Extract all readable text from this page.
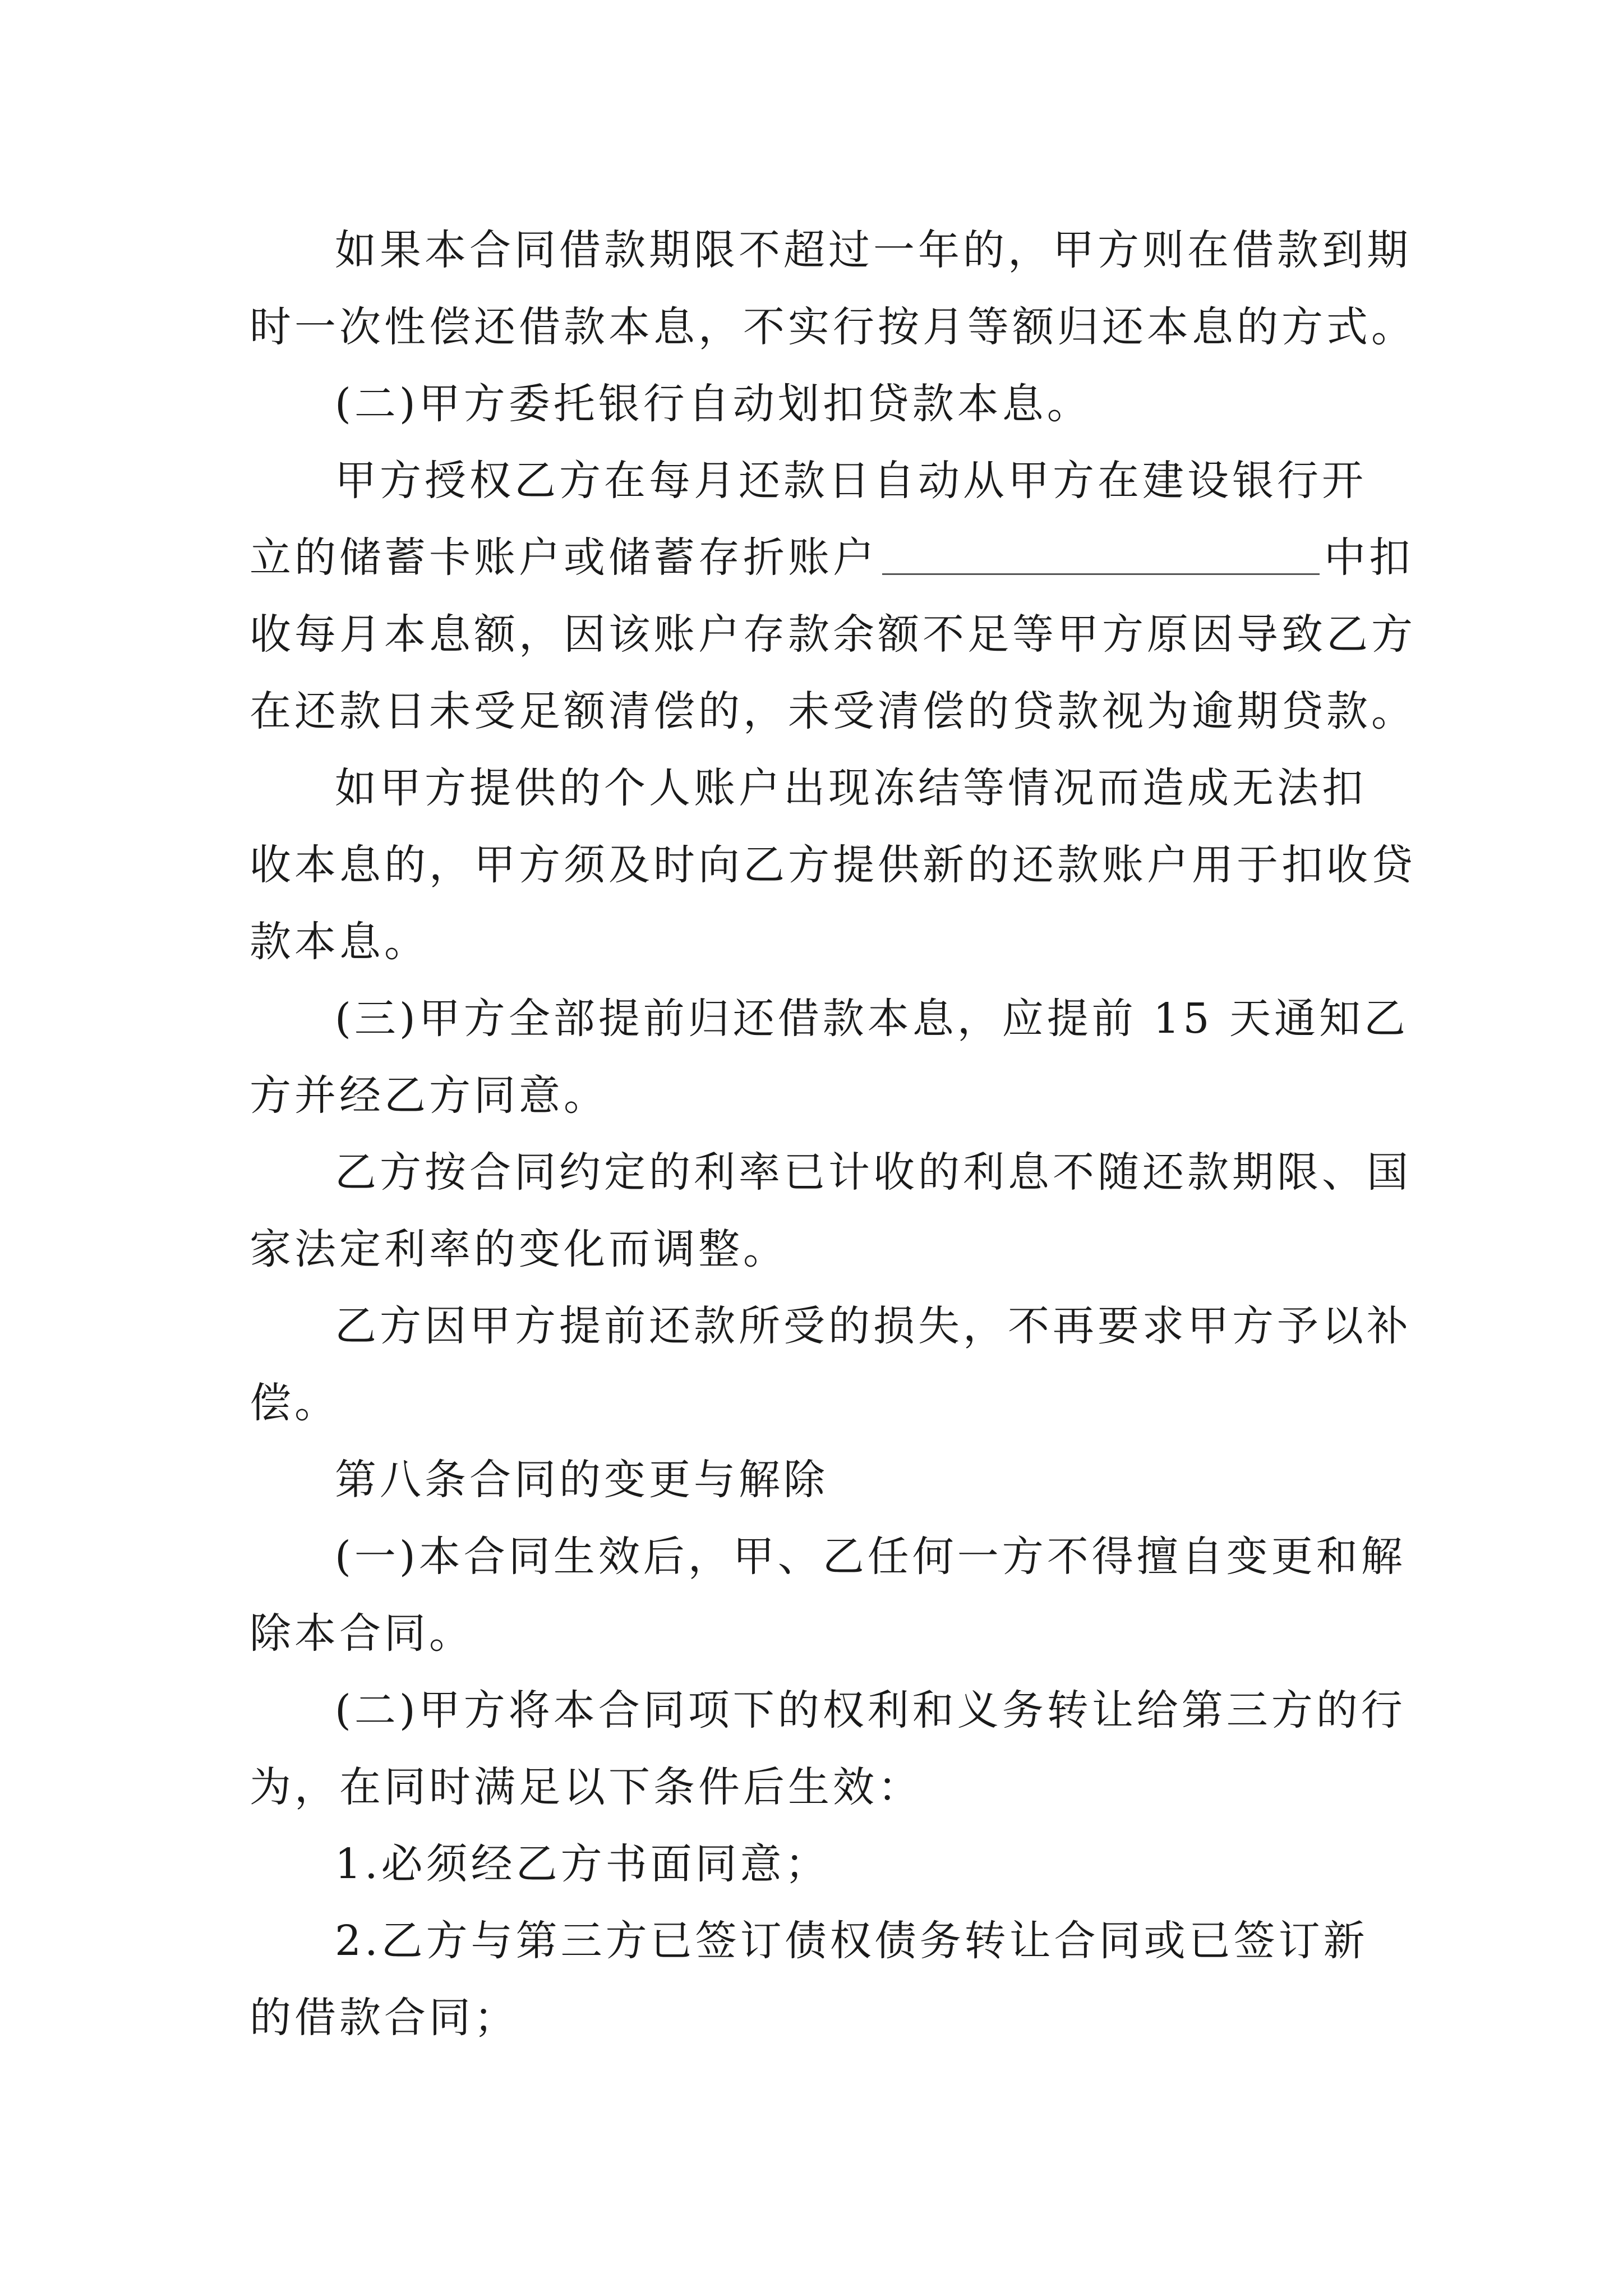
如果本合同借款期限不超过一年的，甲方则在借款到期
时一次性偿还借款本息，不实行按月等额归还本息的方式。
(二)甲方委托银行自动划扣贷款本息。
甲方授权乙方在每月还款日自动从甲方在建设银行开
立的储蓄卡账户或储蓄存折账户	中扣
收每月本息额，因该账户存款余额不足等甲方原因导致乙方
在还款日未受足额清偿的，未受清偿的贷款视为逾期贷款。
如甲方提供的个人账户出现冻结等情况而造成无法扣
收本息的，甲方须及时向乙方提供新的还款账户用于扣收贷
款本息。
(三)甲方全部提前归还借款本息，应提前 15 天通知乙
方并经乙方同意。
乙方按合同约定的利率已计收的利息不随还款期限、国
家法定利率的变化而调整。
乙方因甲方提前还款所受的损失，不再要求甲方予以补
偿。
第八条合同的变更与解除
(一)本合同生效后，甲、乙任何一方不得擅自变更和解
除本合同。
(二)甲方将本合同项下的权利和义务转让给第三方的行
为，在同时满足以下条件后生效：
1.必须经乙方书面同意；
2.乙方与第三方已签订债权债务转让合同或已签订新
的借款合同；
